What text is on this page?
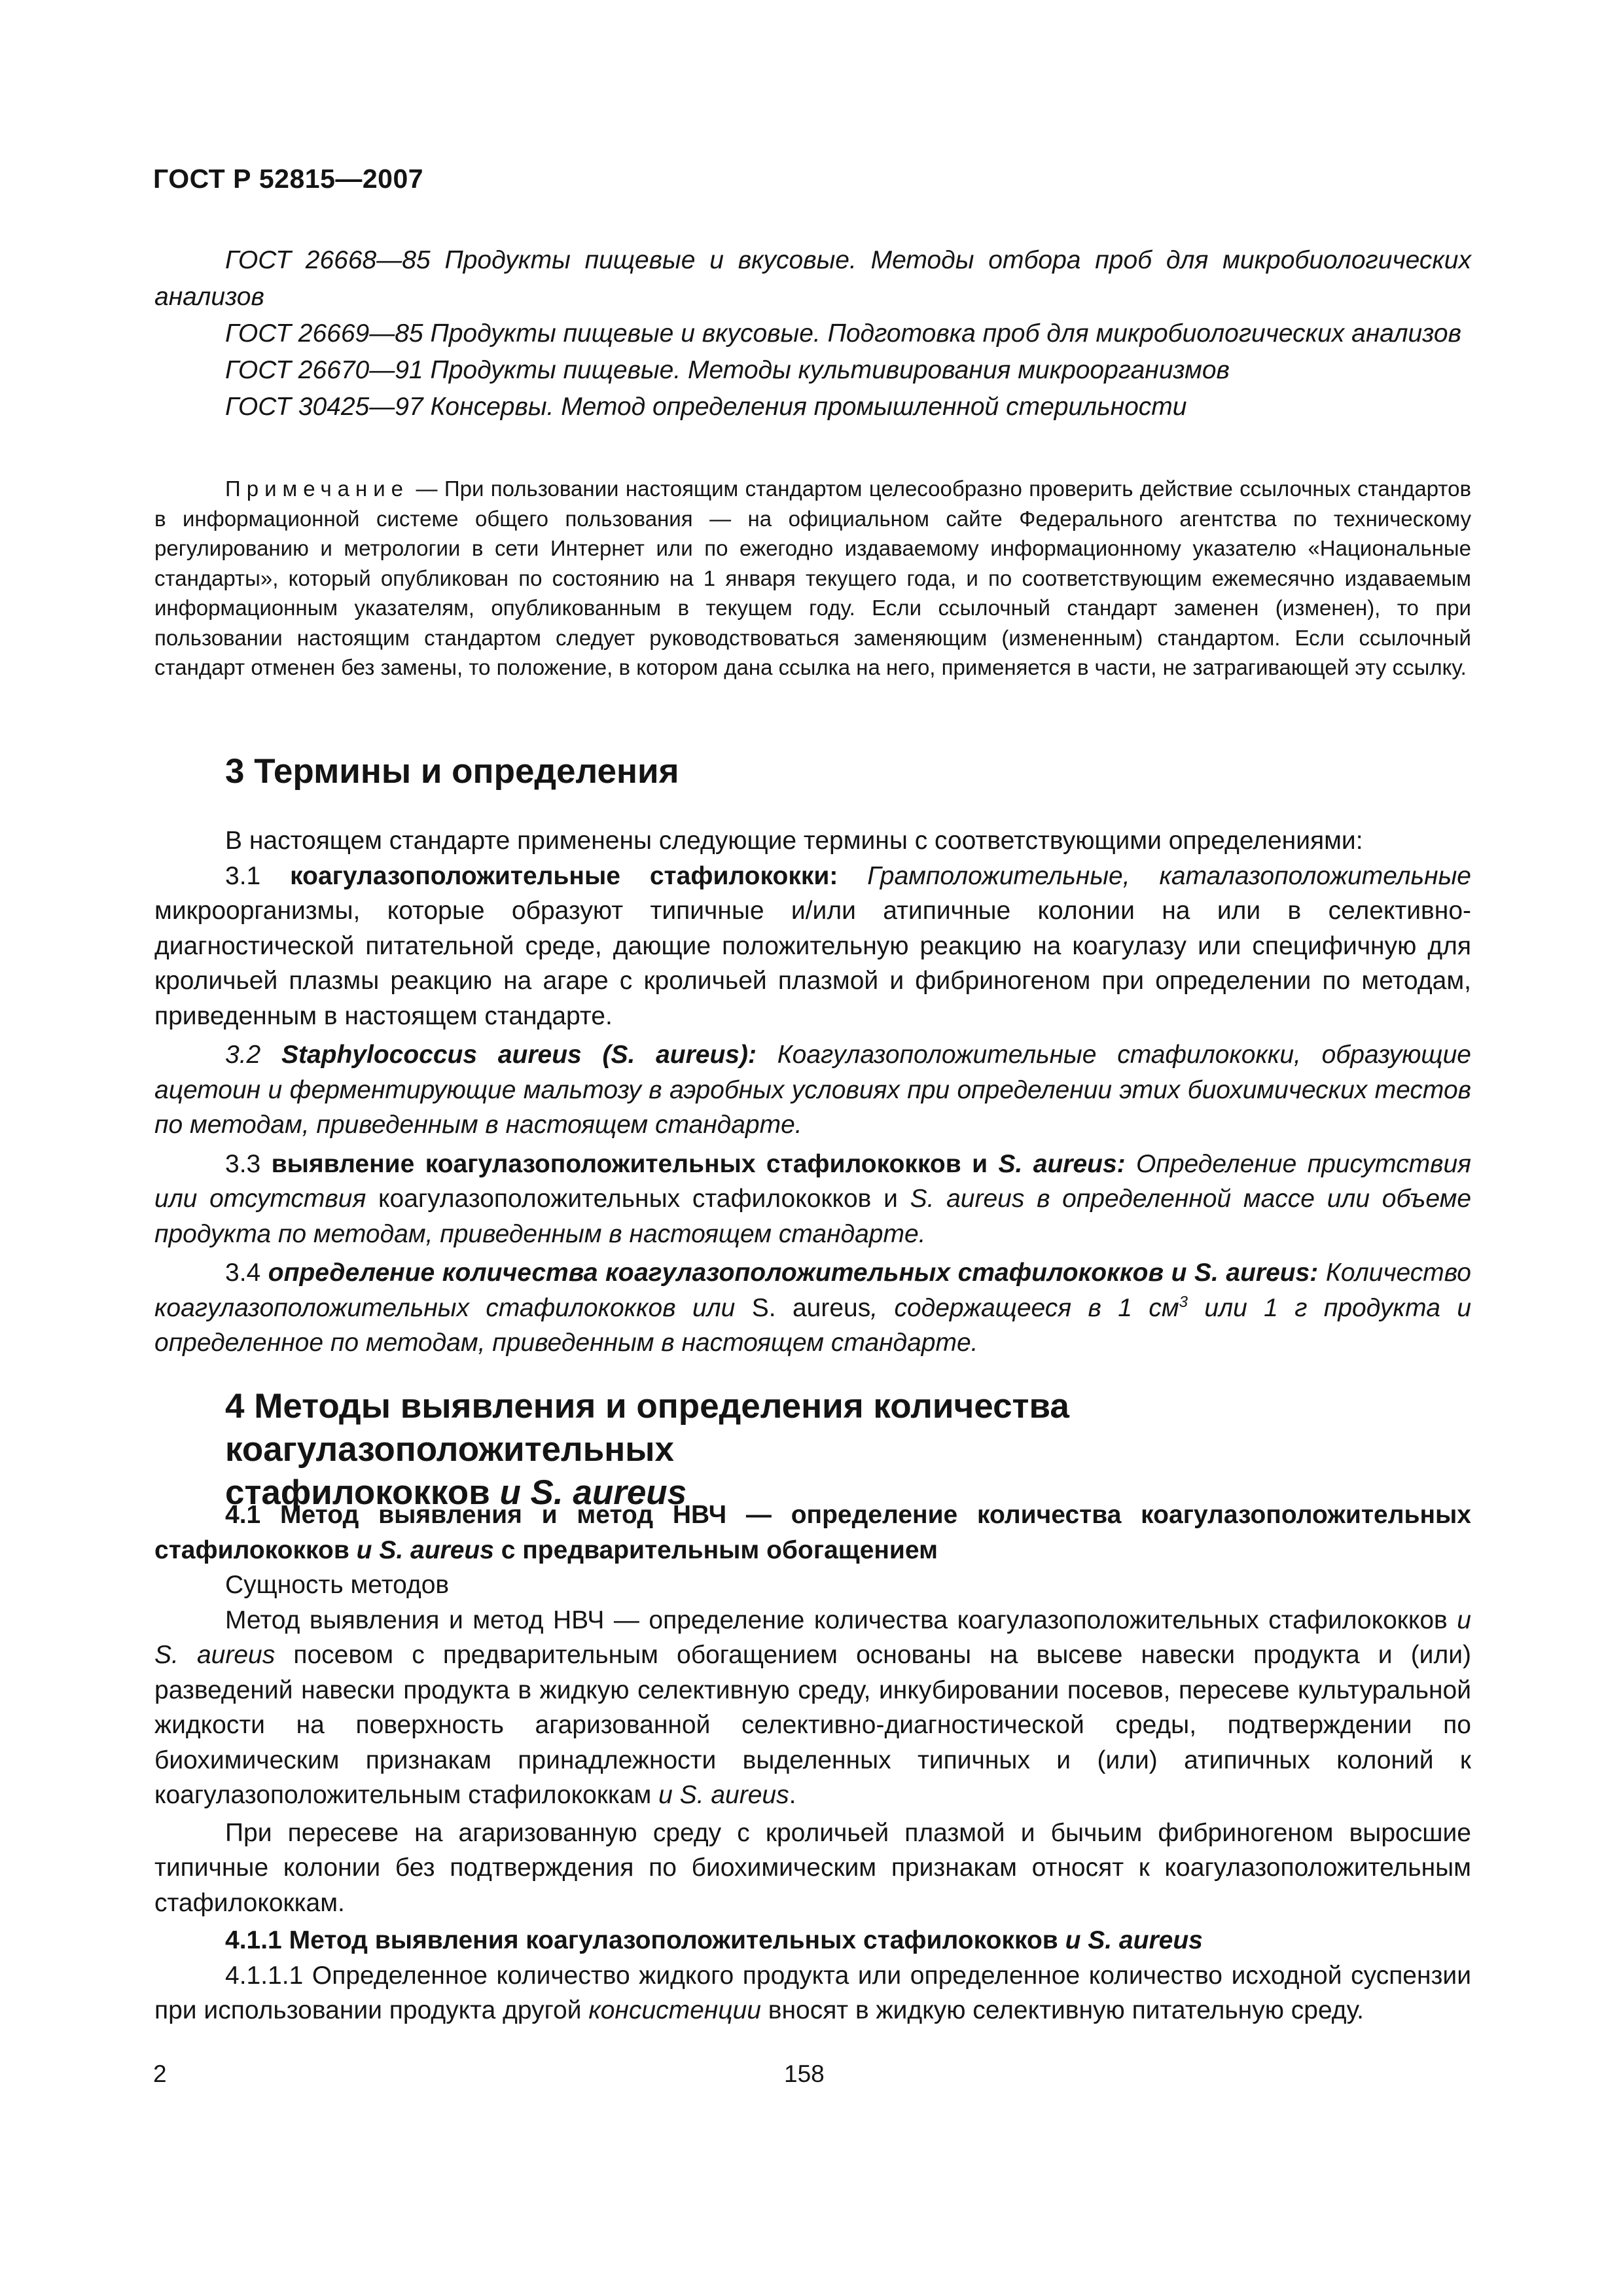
ГОСТ Р 52815—2007

ГОСТ 26668—85 Продукты пищевые и вкусовые. Методы отбора проб для микробиологических анализов

ГОСТ 26669—85 Продукты пищевые и вкусовые. Подготовка проб для микробиологических анализов

ГОСТ 26670—91 Продукты пищевые. Методы культивирования микроорганизмов

ГОСТ 30425—97 Консервы. Метод определения промышленной стерильности

Примечание — При пользовании настоящим стандартом целесообразно проверить действие ссылочных стандартов в информационной системе общего пользования — на официальном сайте Федерального агентства по техническому регулированию и метрологии в сети Интернет или по ежегодно издаваемому информационному указателю «Национальные стандарты», который опубликован по состоянию на 1 января текущего года, и по соответствующим ежемесячно издаваемым информационным указателям, опубликованным в текущем году. Если ссылочный стандарт заменен (изменен), то при пользовании настоящим стандартом следует руководствоваться заменяющим (измененным) стандартом. Если ссылочный стандарт отменен без замены, то положение, в котором дана ссылка на него, применяется в части, не затрагивающей эту ссылку.

3 Термины и определения

В настоящем стандарте применены следующие термины с соответствующими определениями:

3.1 коагулазоположительные стафилококки: Грамположительные, каталазоположительные микроорганизмы, которые образуют типичные и/или атипичные колонии на или в селективно-диагностической питательной среде, дающие положительную реакцию на коагулазу или специфичную для кроличьей плазмы реакцию на агаре с кроличьей плазмой и фибриногеном при определении по методам, приведенным в настоящем стандарте.

3.2 Staphylococcus aureus (S. aureus): Коагулазоположительные стафилококки, образующие ацетоин и ферментирующие мальтозу в аэробных условиях при определении этих биохимических тестов по методам, приведенным в настоящем стандарте.

3.3 выявление коагулазоположительных стафилококков и S. aureus: Определение присутствия или отсутствия коагулазоположительных стафилококков и S. aureus в определенной массе или объеме продукта по методам, приведенным в настоящем стандарте.

3.4 определение количества коагулазоположительных стафилококков и S. aureus: Количество коагулазоположительных стафилококков или S. aureus, содержащееся в 1 $см^3$ или 1 г продукта и определенное по методам, приведенным в настоящем стандарте.

4 Методы выявления и определения количества коагулазоположительных
стафилококков и S. aureus

4.1 Метод выявления и метод НВЧ — определение количества коагулазоположительных стафилококков и S. aureus с предварительным обогащением

Сущность методов

Метод выявления и метод НВЧ — определение количества коагулазоположительных стафилококков и S. aureus посевом с предварительным обогащением основаны на высеве навески продукта и (или) разведений навески продукта в жидкую селективную среду, инкубировании посевов, пересеве культуральной жидкости на поверхность агаризованной селективно-диагностической среды, подтверждении по биохимическим признакам принадлежности выделенных типичных и (или) атипичных колоний к коагулазоположительным стафилококкам и S. aureus.

При пересеве на агаризованную среду с кроличьей плазмой и бычьим фибриногеном выросшие типичные колонии без подтверждения по биохимическим признакам относят к коагулазоположительным стафилококкам.

4.1.1 Метод выявления коагулазоположительных стафилококков и S. aureus

4.1.1.1 Определенное количество жидкого продукта или определенное количество исходной суспензии при использовании продукта другой консистенции вносят в жидкую селективную питательную среду.

2	158
